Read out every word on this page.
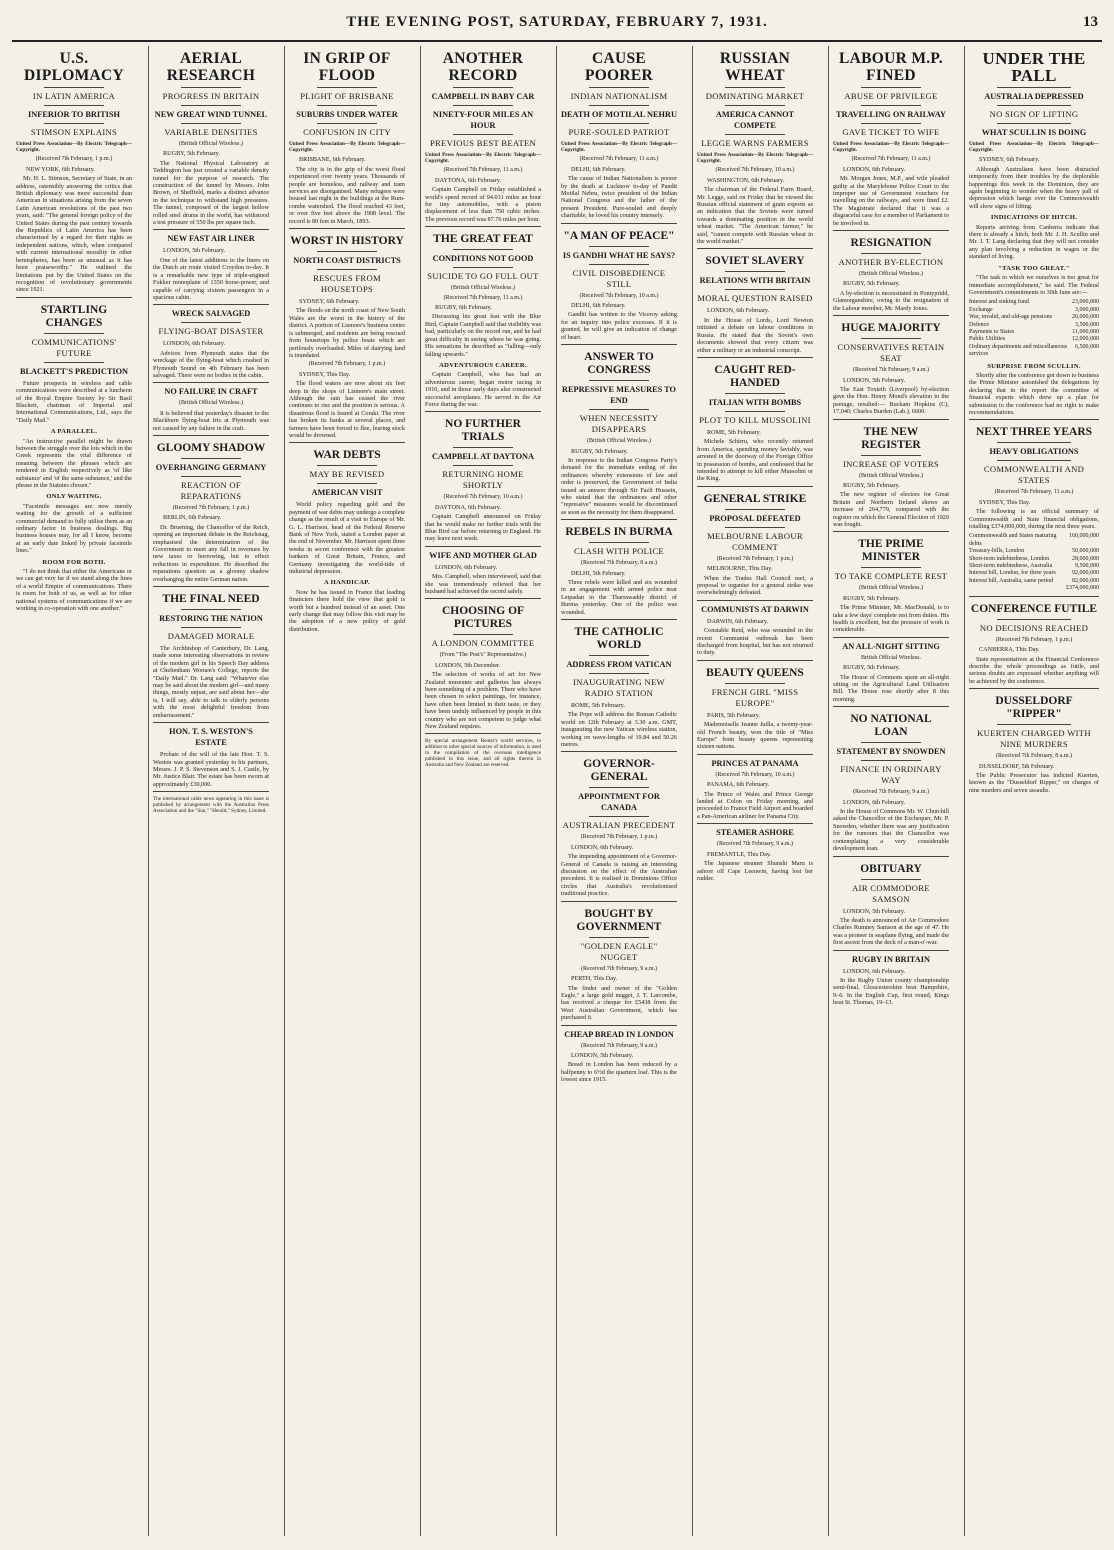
THE EVENING POST, SATURDAY, FEBRUARY 7, 1931.	13
U.S. DIPLOMACY
IN LATIN AMERICA
INFERIOR TO BRITISH
STIMSON EXPLAINS
United Press Association—By Electric Telegraph—Copyright.
(Received 7th February, 1 p.m.)
NEW YORK, 6th February.

Mr. H. L. Stimson, Secretary of State, in an address, ostensibly answering the critics that British diplomacy was more successful than American in situations arising from the seven Latin American revolutions of the past two years, said: "The general foreign policy of the United States during the past century towards the Republics of Latin America has been characterised by a regard for their rights as independent nations, which, when compared with current international morality in other hemispheres, has been as unusual as it has been praiseworthy." He outlined the limitations put by the United States on the recognition of revolutionary governments since 1921.

STARTLING CHANGES
COMMUNICATIONS' FUTURE
BLACKETT'S PREDICTION

Future prospects in wireless and cable communications were described at a luncheon of the Royal Empire Society by Sir Basil Blackett, chairman of Imperial and International Communications, Ltd., says the "Daily Mail."

A PARALLEL.

"An instructive parallel might be drawn between the struggle over the lots which in the Greek represents the vital difference of meaning between the phrases which are rendered in English respectively as 'of like substance' and 'of the same substance,' and the phrase in the Statutes chosen."

ONLY WAITING.

"Facsimile messages are now merely waiting for the growth of a sufficient commercial demand to fully utilise them as an ordinary factor in business dealings. Big business houses may, for all I know, become at an early date linked by private facsimile lines."

ROOM FOR BOTH.

"I do not think that either the Americans or we can get very far if we stand along the lines of a world Empire of communications. There is room for both of us, as well as for other national systems of communications if we are working in co-operation with one another."

AERIAL RESEARCH
PROGRESS IN BRITAIN
NEW GREAT WIND TUNNEL
VARIABLE DENSITIES
(British Official Wireless.)
RUGBY, 5th February.

The National Physical Laboratory at Teddington has just created a variable density tunnel for the purpose of research. The construction of the tunnel by Messrs. John Brown, of Sheffield, marks a distinct advance in the technique to withstand high pressures. The tunnel, composed of the largest hollow rolled steel drums in the world, has withstood a test pressure of 550 lbs per square inch.

NEW FAST AIR LINER
LONDON, 5th February.

One of the latest additions to the liners on the Dutch air route visited Croydon to-day. It is a remarkable new type of triple-engined Fokker monoplane of 1350 horse-power, and capable of carrying sixteen passengers in a spacious cabin.

WRECK SALVAGED
FLYING-BOAT DISASTER
LONDON, 6th February.

Advices from Plymouth states that the wreckage of the flying-boat which crashed in Plymouth Sound on 4th February has been salvaged. There were no bodies in the cabin.

NO FAILURE IN CRAFT
(British Official Wireless.)

It is believed that yesterday's disaster to the Blackburn flying-boat Iris at Plymouth was not caused by any failure in the craft.

GLOOMY SHADOW
OVERHANGING GERMANY
REACTION OF REPARATIONS
(Received 7th February, 1 p.m.)
BERLIN, 6th February.

Dr. Bruening, the Chancellor of the Reich, opening an important debate in the Reichstag, emphasised the determination of the Government to meet any fall in revenues by new taxes or borrowing, but to effect reductions in expenditure. He described the reparations question as a gloomy shadow overhanging the entire German nation.

THE FINAL NEED
RESTORING THE NATION
DAMAGED MORALE

The Archbishop of Canterbury, Dr. Lang, made some interesting observations in review of the modern girl in his Speech Day address at Cheltenham Women's College, reports the "Daily Mail." Dr. Lang said: "Whatever else may be said about the modern girl—and many things, mostly unjust, are said about her—she is, I will say, able to talk to elderly persons with the most delightful freedom from embarrassment."

HON. T. S. WESTON'S ESTATE

Probate of the will of the late Hon. T. S. Weston was granted yesterday to his partners, Messrs. J. P. S. Stevenson and S. J. Castle, by Mr. Justice Blair. The estate has been sworn at approximately £30,000.

The international cable news appearing in this issue is published by arrangement with the Australian Press Association and the "Sun," "Herald," Sydney, Limited.
IN GRIP OF FLOOD
PLIGHT OF BRISBANE
SUBURBS UNDER WATER
CONFUSION IN CITY
United Press Association—By Electric Telegraph—Copyright.
BRISBANE, 6th February.

The city is in the grip of the worst flood experienced over twenty years. Thousands of people are homeless, and railway and tram services are disorganised. Many refugees were housed last night in the buildings at the Rum-combe watershed. The flood reached 43 feet, or over five feet above the 1908 level. The record is 80 feet in March, 1893.

WORST IN HISTORY
NORTH COAST DISTRICTS
RESCUES FROM HOUSETOPS
SYDNEY, 6th February.

The floods on the north coast of New South Wales are the worst in the history of the district. A portion of Lismore's business centre is submerged, and residents are being rescued from housetops by police boats which are perilously overloaded. Miles of dairying land is inundated.

(Received 7th February, 1 p.m.)
SYDNEY, This Day.

The flood waters are now about six feet deep in the shops of Lismore's main street. Although the rain has ceased the river continues to rise and the position is serious. A disastrous flood is feared at Coraki. The river has broken its banks at several places, and farmers have been forced to flee, fearing stock would be drowned.

WAR DEBTS
MAY BE REVISED
AMERICAN VISIT

World policy regarding gold and the payment of war debts may undergo a complete change as the result of a visit to Europe of Mr. G. L. Harrison, head of the Federal Reserve Bank of New York, stated a London paper at the end of November. Mr. Harrison spent three weeks in secret conference with the greatest bankers of Great Britain, France, and Germany investigating the world-tide of industrial depression.

A HANDICAP.

Now he has issued in France that leading financiers there hold the view that gold is worth but a hundred instead of an asset. One early change that may follow this visit may be the adoption of a new policy of gold distribution.

ANOTHER RECORD
CAMPBELL IN BABY CAR
NINETY-FOUR MILES AN HOUR
PREVIOUS BEST BEATEN
United Press Association—By Electric Telegraph—Copyright.
(Received 7th February, 11 a.m.)
DAYTONA, 6th February.

Captain Campbell on Friday established a world's speed record of 94.031 miles an hour for tiny automobiles, with a piston displacement of less than 750 cubic inches. The previous record was 87.76 miles per hour.

THE GREAT FEAT
CONDITIONS NOT GOOD
SUICIDE TO GO FULL OUT
(British Official Wireless.)
(Received 7th February, 11 a.m.)
RUGBY, 6th February.

Discussing his great feat with the Blue Bird, Captain Campbell said that visibility was bad, particularly on the record run, and he had great difficulty in seeing where he was going. His sensations he described as "falling—only falling upwards."

ADVENTUROUS CAREER.

Captain Campbell, who has had an adventurous career, began motor racing in 1910, and in those early days also constructed successful aeroplanes. He served in the Air Force during the war.

NO FURTHER TRIALS
CAMPBELL AT DAYTONA
RETURNING HOME SHORTLY
(Received 7th February, 10 a.m.)
DAYTONA, 6th February.

Captain Campbell announced on Friday that he would make no further trials with the Blue Bird car before returning to England. He may leave next week.

WIFE AND MOTHER GLAD
LONDON, 6th February.

Mrs. Campbell, when interviewed, said that she was tremendously relieved that her husband had achieved the record safely.

CHOOSING OF PICTURES
A LONDON COMMITTEE
(From "The Post's" Representative.)
LONDON, 5th December.

The selection of works of art for New Zealand museums and galleries has always been something of a problem. There who have been chosen to select paintings, for instance, have often been limited in their taste, or they have been unduly influenced by people in this country who are not competent to judge what New Zealand requires.

By special arrangement Reuter's world services, in addition to other special sources of information, is used in the compilation of the overseas intelligence published in this issue, and all rights therein in Australia and New Zealand are reserved.
CAUSE POORER
INDIAN NATIONALISM
DEATH OF MOTILAL NEHRU
PURE-SOULED PATRIOT
United Press Association—By Electric Telegraph—Copyright.
(Received 7th February, 11 a.m.)
DELHI, 6th February.

The cause of Indian Nationalism is poorer by the death at Lucknow to-day of Pandit Motilal Nehru, twice president of the Indian National Congress and the father of the present President. Pure-souled and deeply charitable, he loved his country intensely.

"A MAN OF PEACE"
IS GANDHI WHAT HE SAYS?
CIVIL DISOBEDIENCE STILL
(Received 7th February, 10 a.m.)
DELHI, 6th February.

Gandhi has written to the Viceroy asking for an inquiry into police excesses. If it is granted, he will give an indication of change of heart.

ANSWER TO CONGRESS
REPRESSIVE MEASURES TO END
WHEN NECESSITY DISAPPEARS
(British Official Wireless.)
RUGBY, 5th February.

In response to the Indian Congress Party's demand for the immediate ending of the ordinances whereby extensions of law and order is preserved, the Government of India issued an answer through Sir Fazli Hussein, who stated that the ordinances and other "repressive" measures would be discontinued as soon as the necessity for them disappeared.

REBELS IN BURMA
CLASH WITH POLICE
(Received 7th February, 8 a.m.)
DELHI, 5th February.

Three rebels were killed and six wounded in an engagement with armed police near Letpadan in the Tharrawaddy district of Burma yesterday. One of the police was wounded.

THE CATHOLIC WORLD
ADDRESS FROM VATICAN
INAUGURATING NEW RADIO STATION
ROME, 5th February.

The Pope will address the Roman Catholic world on 12th February at 3.30 a.m. GMT, inaugurating the new Vatican wireless station, working on wave-lengths of 19.84 and 50.26 metres.

GOVERNOR-GENERAL
APPOINTMENT FOR CANADA
AUSTRALIAN PRECEDENT
(Received 7th February, 1 p.m.)
LONDON, 6th February.

The impending appointment of a Governor-General of Canada is raising an interesting discussion on the effect of the Australian precedent. It is realised in Dominions Office circles that Australia's revolutionised traditional practice.

BOUGHT BY GOVERNMENT
"GOLDEN EAGLE" NUGGET
(Received 7th February, 9 a.m.)
PERTH, This Day.

The finder and owner of the "Golden Eagle," a large gold nugget, J. T. Larcombe, has received a cheque for £5438 from the West Australian Government, which has purchased it.

CHEAP BREAD IN LONDON
(Received 7th February, 9 a.m.)
LONDON, 5th February.

Bread in London has been reduced by a halfpenny to 6½d the quartern loaf. This is the lowest since 1915.

RUSSIAN WHEAT
DOMINATING MARKET
AMERICA CANNOT COMPETE
LEGGE WARNS FARMERS
United Press Association—By Electric Telegraph—Copyright.
(Received 7th February, 10 a.m.)
WASHINGTON, 6th February.

The chairman of the Federal Farm Board, Mr. Legge, said on Friday that he viewed the Russian official statement of grain exports as an indication that the Soviets were turned towards a dominating position in the world wheat market. "The American farmer," he said, "cannot compete with Russian wheat in the world market."

SOVIET SLAVERY
RELATIONS WITH BRITAIN
MORAL QUESTION RAISED
LONDON, 6th February.

In the House of Lords, Lord Newton initiated a debate on labour conditions in Russia. He stated that the Soviet's own documents showed that every citizen was either a military or an industrial conscript.

CAUGHT RED-HANDED
ITALIAN WITH BOMBS
PLOT TO KILL MUSSOLINI
ROME, 5th February.

Michele Schirru, who recently returned from America, spending money lavishly, was arrested in the doorway of the Foreign Office in possession of bombs, and confessed that he intended to attempt to kill either Mussolini or the King.

GENERAL STRIKE
PROPOSAL DEFEATED
MELBOURNE LABOUR COMMENT
(Received 7th February, 1 p.m.)
MELBOURNE, This Day.

When the Trades Hall Council met, a proposal to organise for a general strike was overwhelmingly defeated.

COMMUNISTS AT DARWIN
DARWIN, 6th February.

Constable Reid, who was wounded in the recent Communist outbreak has been discharged from hospital, but has not returned to duty.

BEAUTY QUEENS
FRENCH GIRL "MISS EUROPE"
PARIS, 5th February.

Mademoiselle Jeanne Juilla, a twenty-year-old French beauty, won the title of "Miss Europe" from beauty queens representing sixteen nations.

PRINCES AT PANAMA
(Received 7th February, 10 a.m.)
PANAMA, 6th February.

The Prince of Wales and Prince George landed at Colon on Friday morning, and proceeded to France Field Airport and boarded a Pan-American airliner for Panama City.

STEAMER ASHORE
(Received 7th February, 9 a.m.)
FREMANTLE, This Day.

The Japanese steamer Shunshi Maru is ashore off Cape Leeuwin, having lost her rudder.

LABOUR M.P. FINED
ABUSE OF PRIVILEGE
TRAVELLING ON RAILWAY
GAVE TICKET TO WIFE
United Press Association—By Electric Telegraph—Copyright.
(Received 7th February, 11 a.m.)
LONDON, 6th February.

Mr. Morgan Jones, M.P., and wife pleaded guilty at the Marylebone Police Court to the improper use of Government vouchers for travelling on the railways, and were fined £2. The Magistrate declared that it was a disgraceful case for a member of Parliament to be involved in.

RESIGNATION
ANOTHER BY-ELECTION
(British Official Wireless.)
RUGBY, 5th February.

A by-election is necessitated in Pontypridd, Glamorganshire, owing to the resignation of the Labour member, Mr. Mardy Jones.

HUGE MAJORITY
CONSERVATIVES RETAIN SEAT
(Received 7th February, 9 a.m.)
LONDON, 5th February.

The East Toxteth (Liverpool) by-election gave the Hon. Henry Mond's elevation to the peerage, resulted:— Buckam Hopkins (C), 17,040; Charles Burden (Lab.), 6600.

THE NEW REGISTER
INCREASE OF VOTERS
(British Official Wireless.)
RUGBY, 5th February.

The new register of electors for Great Britain and Northern Ireland shows an increase of 264,779, compared with the register on which the General Election of 1929 was fought.

THE PRIME MINISTER
TO TAKE COMPLETE REST
(British Official Wireless.)
RUGBY, 5th February.

The Prime Minister, Mr. MacDonald, is to take a few days' complete rest from duties. His health is excellent, but the pressure of work is considerable.

AN ALL-NIGHT SITTING
British Official Wireless.
RUGBY, 5th February.

The House of Commons spent an all-night sitting on the Agricultural Land Utilisation Bill. The House rose shortly after 8 this morning.

NO NATIONAL LOAN
STATEMENT BY SNOWDEN
FINANCE IN ORDINARY WAY
(Received 7th February, 9 a.m.)
LONDON, 6th February.

In the House of Commons Mr. W. Churchill asked the Chancellor of the Exchequer, Mr. P. Snowden, whether there was any justification for the rumours that the Chancellor was contemplating a very considerable development loan.

OBITUARY
AIR COMMODORE SAMSON
LONDON, 5th February.

The death is announced of Air Commodore Charles Rumney Samson at the age of 47. He was a pioneer in seaplane flying, and made the first ascent from the deck of a man-o'-war.

RUGBY IN BRITAIN
LONDON, 6th February.

In the Rugby Union county championship semi-final, Gloucestershire beat Hampshire, 9–6. In the English Cup, first round, Kings beat St. Thomas, 19–13.

UNDER THE PALL
AUSTRALIA DEPRESSED
NO SIGN OF LIFTING
WHAT SCULLIN IS DOING
United Press Association—By Electric Telegraph—Copyright.
SYDNEY, 6th February.

Although Australians have been distracted temporarily from their troubles by the deplorable happenings this week in the Dominion, they are again beginning to wonder when the heavy pall of depression which hangs over the Commonwealth will show signs of lifting.

INDICATIONS OF HITCH.

Reports arriving from Canberra indicate that there is already a hitch, both Mr. J. H. Scullin and Mr. J. T. Lang declaring that they will not consider any plan involving a reduction in wages or the standard of living.

"TASK TOO GREAT."

"The task to which we ourselves is too great for immediate accomplishment," he said. The Federal Government's commitments to 30th June are:—

Interest and sinking fund	23,000,000
Exchange	3,000,000
War, invalid, and old-age pensions	20,000,000
Defence	3,500,000
Payments to States	11,000,000
Public Utilities	12,000,000
Ordinary departments and miscellaneous services
6,500,000
SURPRISE FROM SCULLIN.

Shortly after the conference got down to business the Prime Minister astonished the delegations by declaring that in the report the committee of financial experts which drew up a plan for submission to the conference had no right to make recommendations.

NEXT THREE YEARS
HEAVY OBLIGATIONS
COMMONWEALTH AND STATES
(Received 7th February, 11 a.m.)
SYDNEY, This Day.

The following is an official summary of Commonwealth and State financial obligations, totalling £374,000,000, during the next three years.

Commonwealth and States maturing debts
160,000,000
Treasury-bills, London	50,000,000
Short-term indebtedness, London	28,000,000
Short-term indebtedness, Australia	9,500,000
Interest bill, London, for three years	92,000,000
Interest bill, Australia, same period	82,000,000
£374,000,000
CONFERENCE FUTILE
NO DECISIONS REACHED
(Received 7th February, 1 p.m.)
CANBERRA, This Day.

State representatives at the Financial Conference describe the whole proceedings as futile, and serious doubts are expressed whether anything will be achieved by the conference.

DUSSELDORF "RIPPER"
KUERTEN CHARGED WITH NINE MURDERS
(Received 7th February, 8 a.m.)
DUSSELDORF, 5th February.

The Public Prosecutor has indicted Kuerten, known as the "Dusseldorf Ripper," on charges of nine murders and seven assaults.
